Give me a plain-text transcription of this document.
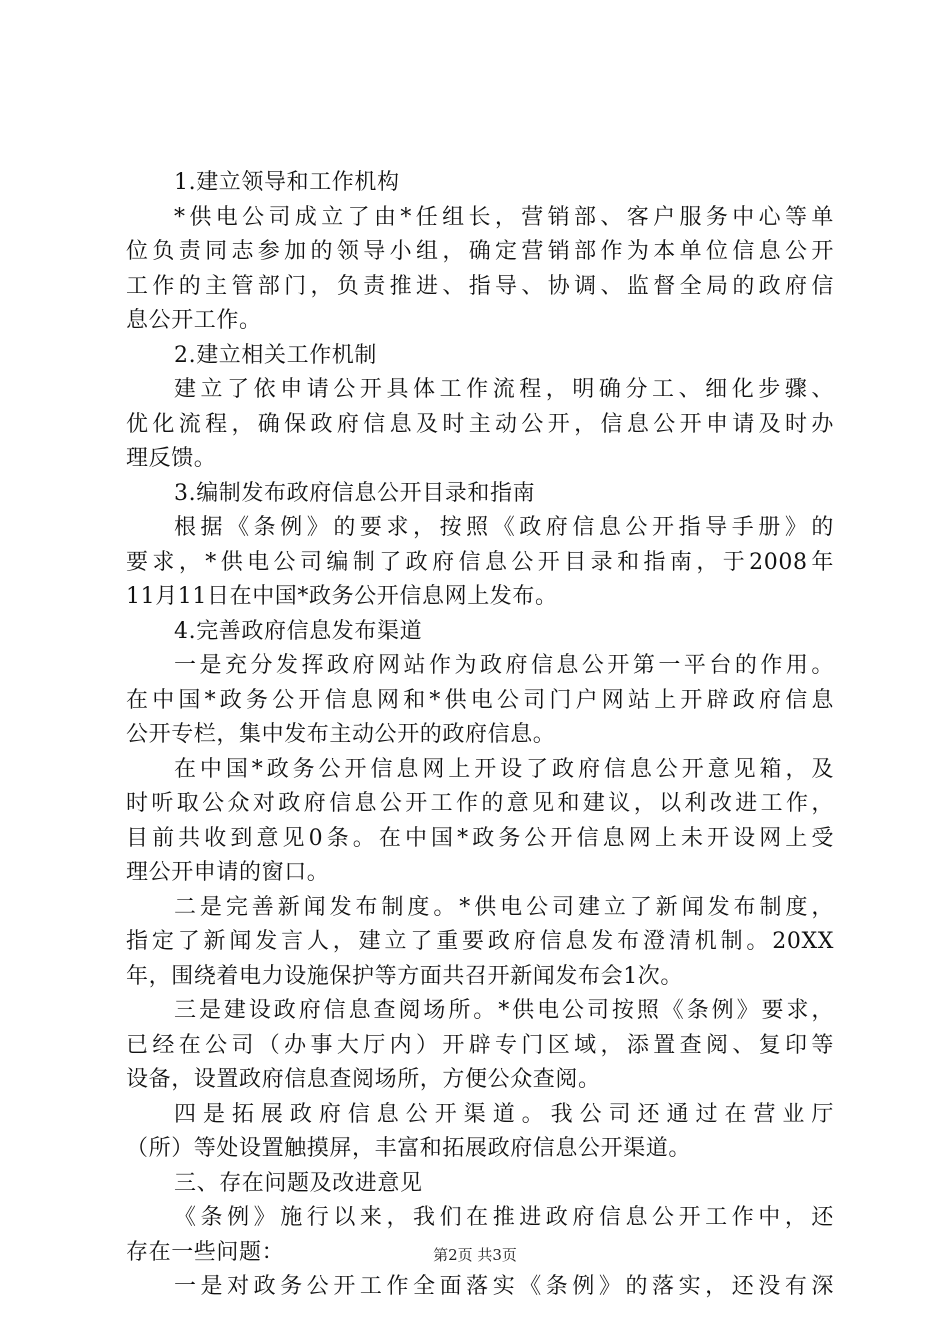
1.建立领导和工作机构
*供电公司成立了由*任组长，营销部、客户服务中心等单
位负责同志参加的领导小组，确定营销部作为本单位信息公开
工作的主管部门，负责推进、指导、协调、监督全局的政府信
息公开工作。
2.建立相关工作机制
建立了依申请公开具体工作流程，明确分工、细化步骤、
优化流程，确保政府信息及时主动公开，信息公开申请及时办
理反馈。
3.编制发布政府信息公开目录和指南
根据《条例》的要求，按照《政府信息公开指导手册》的
要求，*供电公司编制了政府信息公开目录和指南，于2008年
11月11日在中国*政务公开信息网上发布。
4.完善政府信息发布渠道
一是充分发挥政府网站作为政府信息公开第一平台的作用。
在中国*政务公开信息网和*供电公司门户网站上开辟政府信息
公开专栏，集中发布主动公开的政府信息。
在中国*政务公开信息网上开设了政府信息公开意见箱，及
时听取公众对政府信息公开工作的意见和建议，以利改进工作，
目前共收到意见0条。在中国*政务公开信息网上未开设网上受
理公开申请的窗口。
二是完善新闻发布制度。*供电公司建立了新闻发布制度，
指定了新闻发言人，建立了重要政府信息发布澄清机制。20XX
年，围绕着电力设施保护等方面共召开新闻发布会1次。
三是建设政府信息查阅场所。*供电公司按照《条例》要求，
已经在公司（办事大厅内）开辟专门区域，添置查阅、复印等
设备，设置政府信息查阅场所，方便公众查阅。
四是拓展政府信息公开渠道。我公司还通过在营业厅
（所）等处设置触摸屏，丰富和拓展政府信息公开渠道。
三、存在问题及改进意见
《条例》施行以来，我们在推进政府信息公开工作中，还
存在一些问题：
一是对政务公开工作全面落实《条例》的落实，还没有深
第2页 共3页
